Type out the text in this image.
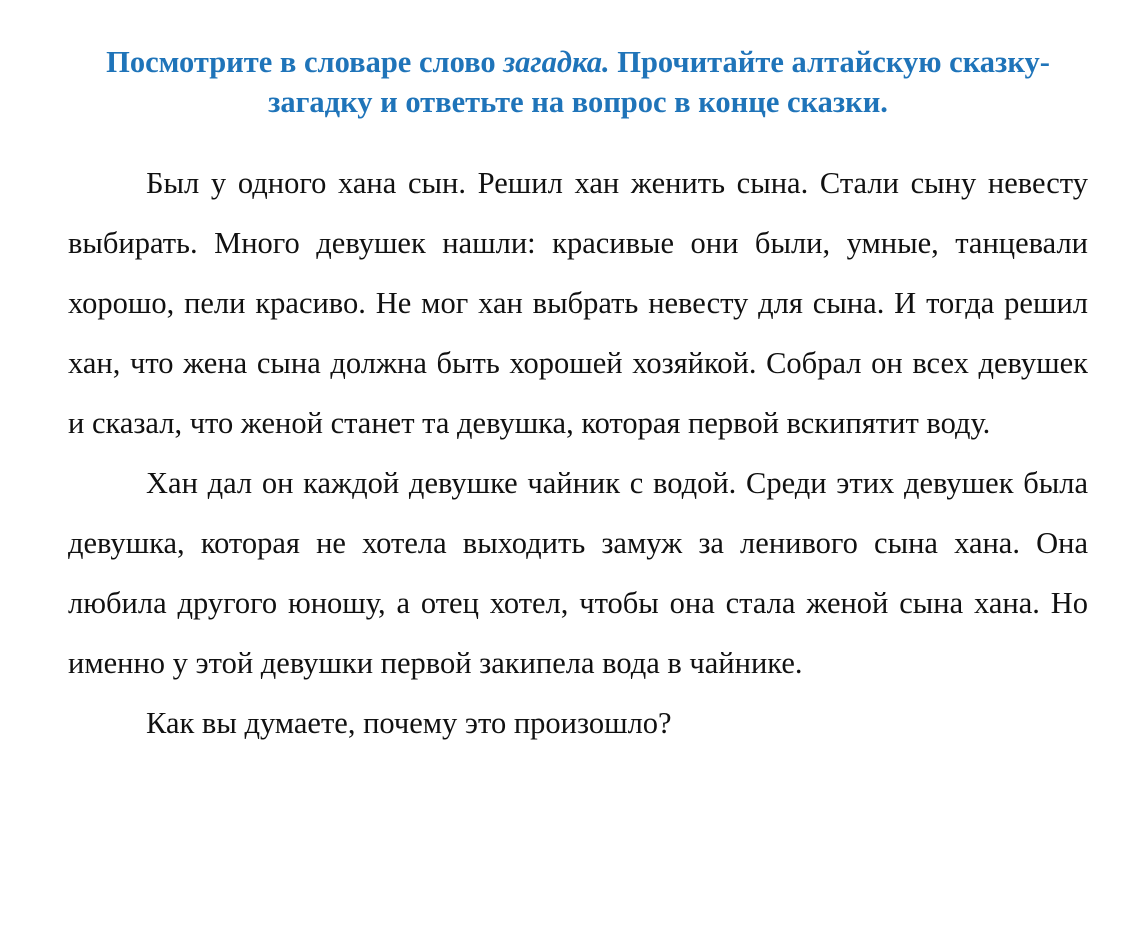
Посмотрите в словаре слово загадка. Прочитайте алтайскую сказку-загадку и ответьте на вопрос в конце сказки.

Был у одного хана сын. Решил хан женить сына. Стали сыну невесту выбирать. Много девушек нашли: красивые они были, умные, танцевали хорошо, пели красиво. Не мог хан выбрать невесту для сына. И тогда решил хан, что жена сына должна быть хорошей хозяйкой. Собрал он всех девушек и сказал, что женой станет та девушка, которая первой вскипятит воду.

Хан дал он каждой девушке чайник с водой. Среди этих девушек была девушка, которая не хотела выходить замуж за ленивого сына хана. Она любила другого юношу, а отец хотел, чтобы она стала женой сына хана. Но именно у этой девушки первой закипела вода в чайнике.

Как вы думаете, почему это произошло?
